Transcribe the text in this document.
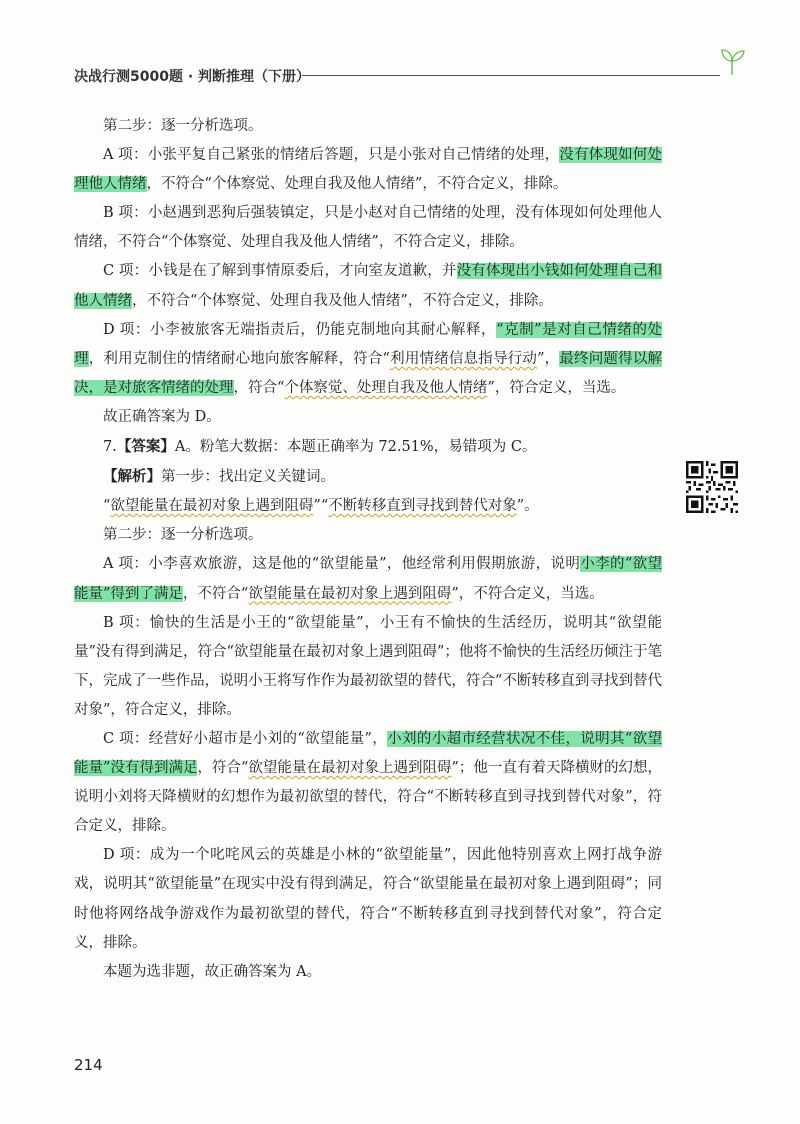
决战行测5000题 · 判断推理（下册）

第二步：逐一分析选项。

A 项：小张平复自己紧张的情绪后答题，只是小张对自己情绪的处理，没有体现如何处理他人情绪，不符合“个体察觉、处理自我及他人情绪”，不符合定义，排除。

B 项：小赵遇到恶狗后强装镇定，只是小赵对自己情绪的处理，没有体现如何处理他人情绪，不符合“个体察觉、处理自我及他人情绪”，不符合定义，排除。

C 项：小钱是在了解到事情原委后，才向室友道歉，并没有体现出小钱如何处理自己和他人情绪，不符合“个体察觉、处理自我及他人情绪”，不符合定义，排除。

D 项：小李被旅客无端指责后，仍能克制地向其耐心解释，“克制”是对自己情绪的处理，利用克制住的情绪耐心地向旅客解释，符合“利用情绪信息指导行动”，最终问题得以解决，是对旅客情绪的处理，符合“个体察觉、处理自我及他人情绪”，符合定义，当选。

故正确答案为 D。

7.【答案】A。粉笔大数据：本题正确率为 72.51%，易错项为 C。

【解析】第一步：找出定义关键词。

“欲望能量在最初对象上遇到阻碍”“不断转移直到寻找到替代对象”。

第二步：逐一分析选项。

A 项：小李喜欢旅游，这是他的“欲望能量”，他经常利用假期旅游，说明小李的“欲望能量”得到了满足，不符合“欲望能量在最初对象上遇到阻碍”，不符合定义，当选。

B 项：愉快的生活是小王的“欲望能量”，小王有不愉快的生活经历，说明其“欲望能量”没有得到满足，符合“欲望能量在最初对象上遇到阻碍”；他将不愉快的生活经历倾注于笔下，完成了一些作品，说明小王将写作作为最初欲望的替代，符合“不断转移直到寻找到替代对象”，符合定义，排除。

C 项：经营好小超市是小刘的“欲望能量”，小刘的小超市经营状况不佳，说明其“欲望能量”没有得到满足，符合“欲望能量在最初对象上遇到阻碍”；他一直有着天降横财的幻想，说明小刘将天降横财的幻想作为最初欲望的替代，符合“不断转移直到寻找到替代对象”，符合定义，排除。

D 项：成为一个叱咤风云的英雄是小林的“欲望能量”，因此他特别喜欢上网打战争游戏，说明其“欲望能量”在现实中没有得到满足，符合“欲望能量在最初对象上遇到阻碍”；同时他将网络战争游戏作为最初欲望的替代，符合“不断转移直到寻找到替代对象”，符合定义，排除。

本题为选非题，故正确答案为 A。

214
